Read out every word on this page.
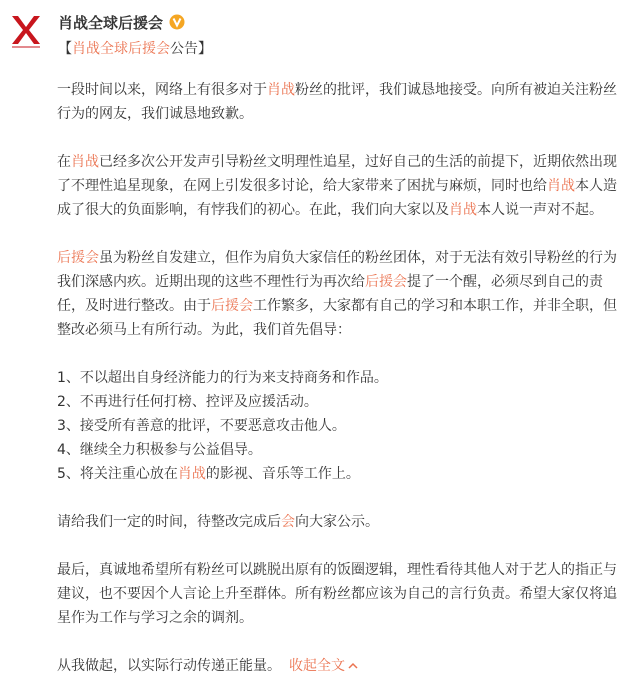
肖战全球后援会
【肖战全球后援会公告】

一段时间以来，网络上有很多对于肖战粉丝的批评，我们诚恳地接受。向所有被迫关注粉丝行为的网友，我们诚恳地致歉。

在肖战已经多次公开发声引导粉丝文明理性追星，过好自己的生活的前提下，近期依然出现了不理性追星现象，在网上引发很多讨论，给大家带来了困扰与麻烦，同时也给肖战本人造成了很大的负面影响，有悖我们的初心。在此，我们向大家以及肖战本人说一声对不起。

后援会虽为粉丝自发建立，但作为肩负大家信任的粉丝团体，对于无法有效引导粉丝的行为我们深感内疚。近期出现的这些不理性行为再次给后援会提了一个醒，必须尽到自己的责任，及时进行整改。由于后援会工作繁多，大家都有自己的学习和本职工作，并非全职，但整改必须马上有所行动。为此，我们首先倡导：

1、不以超出自身经济能力的行为来支持商务和作品。
2、不再进行任何打榜、控评及应援活动。
3、接受所有善意的批评，不要恶意攻击他人。
4、继续全力积极参与公益倡导。
5、将关注重心放在肖战的影视、音乐等工作上。

请给我们一定的时间，待整改完成后会向大家公示。

最后，真诚地希望所有粉丝可以跳脱出原有的饭圈逻辑，理性看待其他人对于艺人的指正与建议，也不要因个人言论上升至群体。所有粉丝都应该为自己的言行负责。希望大家仅将追星作为工作与学习之余的调剂。

从我做起，以实际行动传递正能量。 收起全文
